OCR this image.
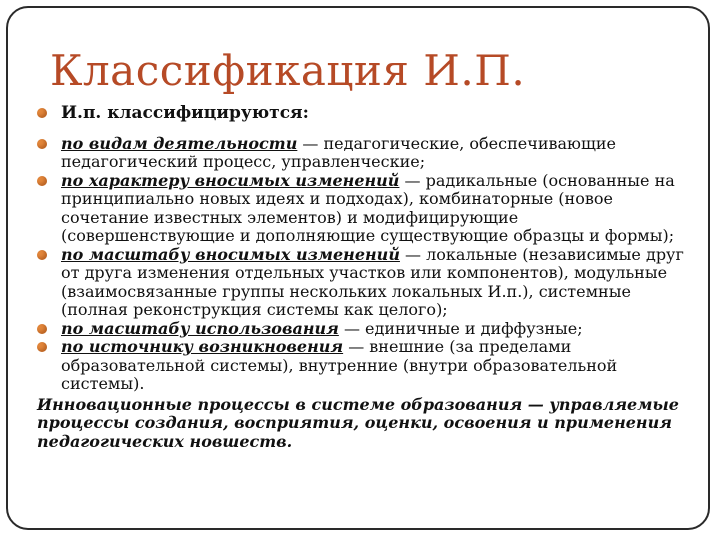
Классификация И.П.
И.п. классифицируются:
по видам деятельности — педагогические, обеспечивающие педагогический процесс, управленческие;
по характеру вносимых изменений — радикальные (основанные на принципиально новых идеях и подходах), комбинаторные (новое сочетание известных элементов) и модифицирующие (совершенствующие и дополняющие существующие образцы и формы);
по масштабу вносимых изменений — локальные (независимые друг от друга изменения отдельных участков или компонентов), модульные (взаимосвязанные группы нескольких локальных И.п.), системные (полная реконструкция системы как целого);
по масштабу использования — единичные и диффузные;
по источнику возникновения — внешние (за пределами образовательной системы), внутренние (внутри образовательной системы).
Инновационные процессы в системе образования — управляемые процессы создания, восприятия, оценки, освоения и применения педагогических новшеств.
